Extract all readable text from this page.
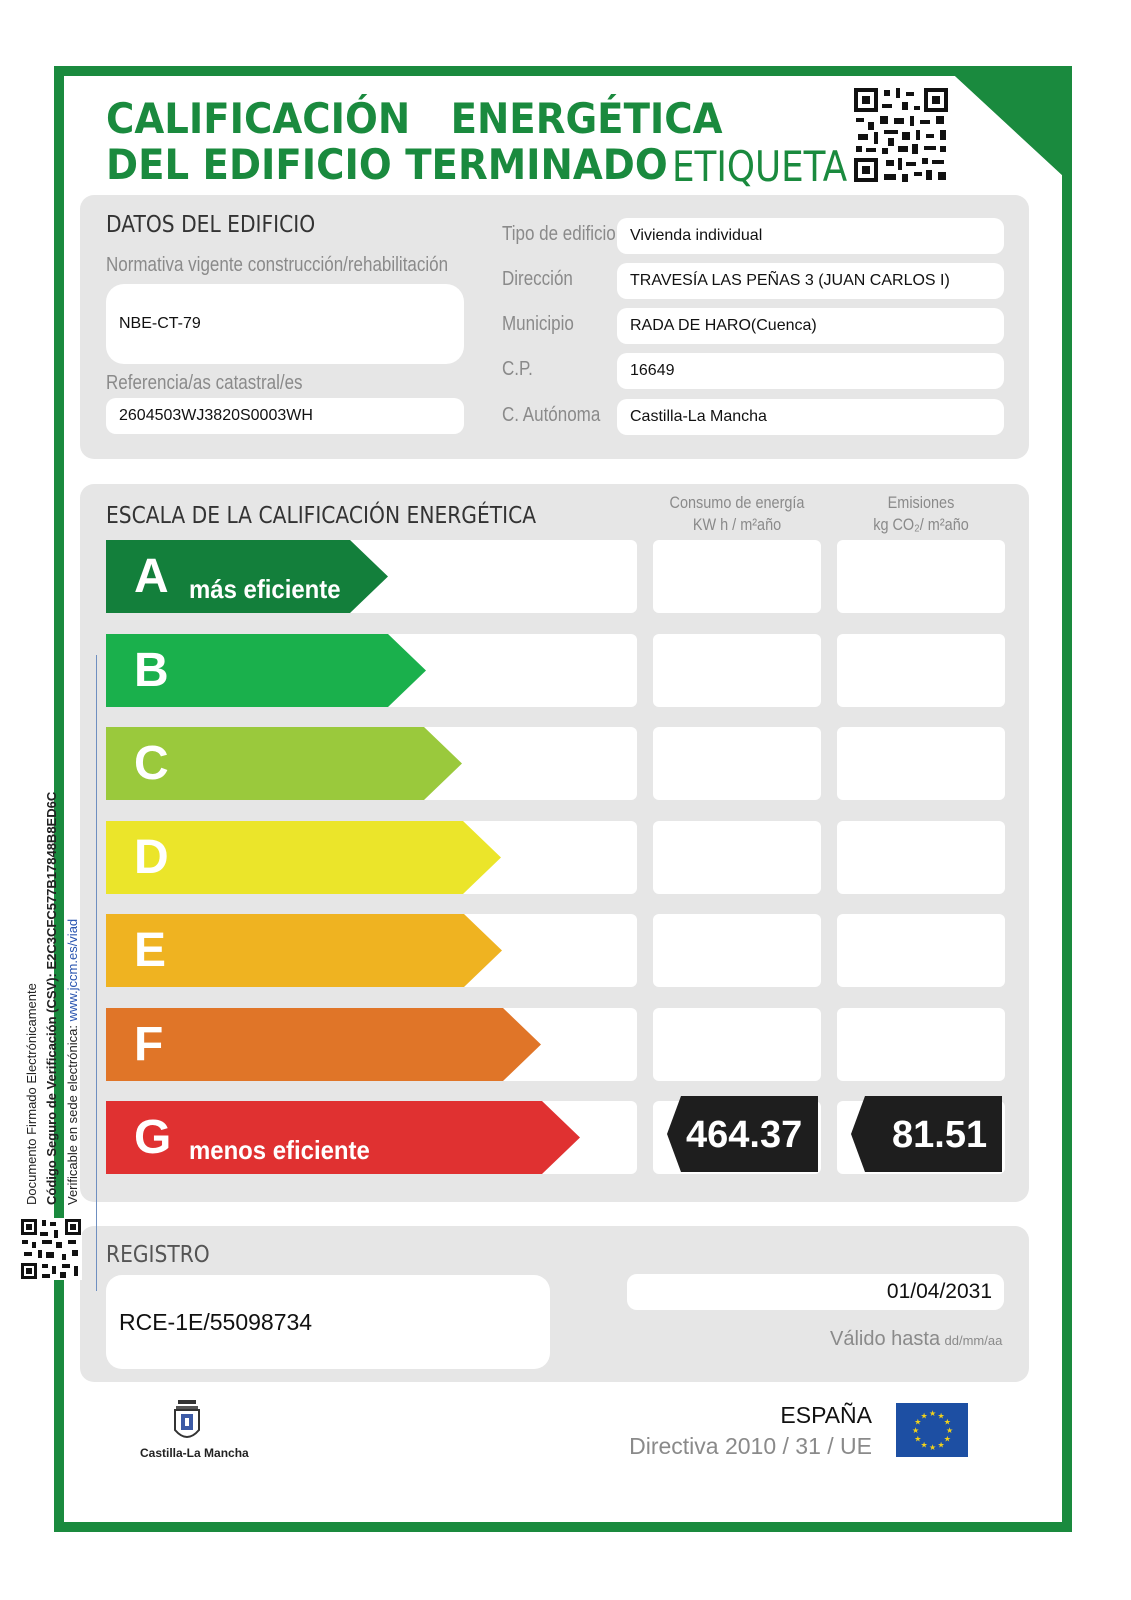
CALIFICACIÓN   ENERGÉTICA
DEL EDIFICIO TERMINADO ETIQUETA
DATOS DEL EDIFICIO
Normativa vigente construcción/rehabilitación
NBE-CT-79
Referencia/as catastral/es
2604503WJ3820S0003WH
Tipo de edificio Vivienda individual
Dirección	TRAVESÍA LAS PEÑAS 3 (JUAN CARLOS I)
Municipio	RADA DE HARO(Cuenca)
C.P.	16649
C. Autónoma	Castilla-La Mancha
ESCALA DE LA CALIFICACIÓN ENERGÉTICA
Consumo de energía
KW h / m²año
Emisiones
kg CO₂/ m²año
A más eficiente
B
C
D
E
F
G menos eficiente	464.37 81.51
REGISTRO
RCE-1E/55098734
01/04/2031
Válido hasta dd/mm/aa
Castilla-La Mancha
ESPAÑA
Directiva 2010 / 31 / UE
★
★
★
★
★
★
★
★
★ ★ ★
★
Documento Firmado Electrónicamente Código Seguro de Verificación (CSV): E2C3CFC577B17848B8ED6C Verificable en sede electrónica: www.jccm.es/viad
